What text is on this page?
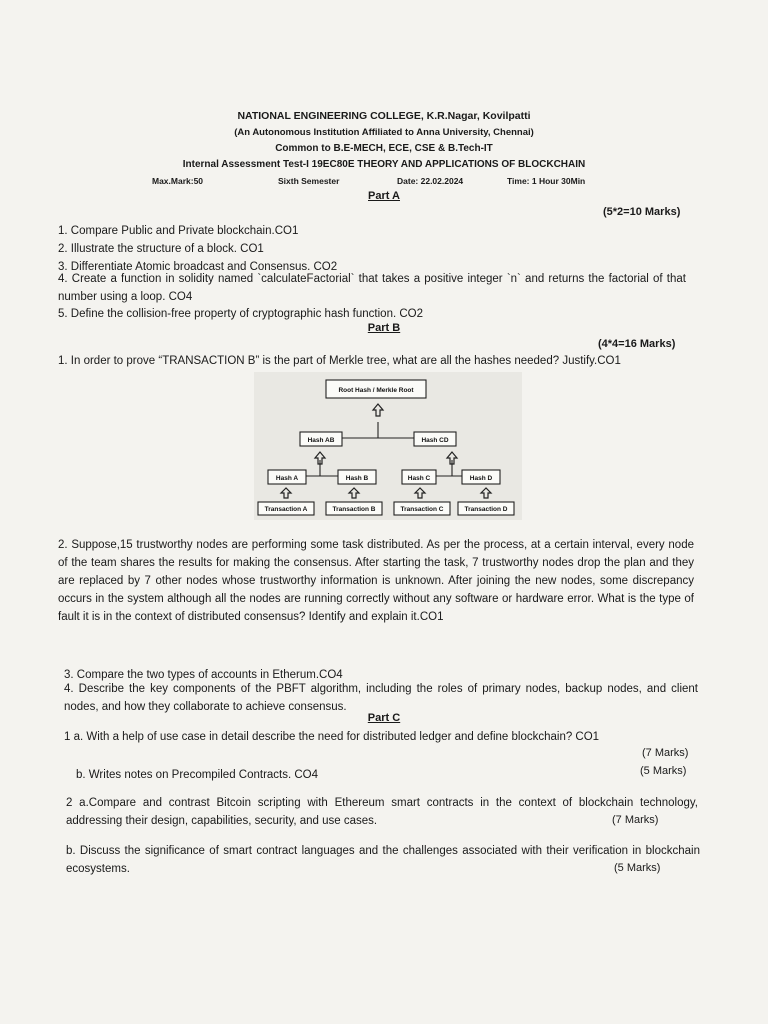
NATIONAL ENGINEERING COLLEGE, K.R.Nagar, Kovilpatti
(An Autonomous Institution Affiliated to Anna University, Chennai)
Common to B.E-MECH, ECE, CSE & B.Tech-IT
Internal Assessment Test-I 19EC80E THEORY AND APPLICATIONS OF BLOCKCHAIN
Max.Mark:50	Sixth Semester	Date: 22.02.2024	Time: 1 Hour 30Min
Part A
(5*2=10 Marks)
1. Compare Public and Private blockchain.CO1
2. Illustrate the structure of a block. CO1
3. Differentiate Atomic broadcast and Consensus. CO2
4. Create a function in solidity named `calculateFactorial` that takes a positive integer `n` and returns the factorial of that number using a loop. CO4
5. Define the collision-free property of cryptographic hash function. CO2
Part B
(4*4=16 Marks)
1. In order to prove “TRANSACTION B” is the part of Merkle tree, what are all the hashes needed? Justify.CO1
Root Hash / Merkle Root
Hash AB	Hash CD
Hash A	Hash B	Hash C	Hash D
Transaction A	Transaction B	Transaction C	Transaction D
2. Suppose,15 trustworthy nodes are performing some task distributed. As per the process, at a certain interval, every node of the team shares the results for making the consensus. After starting the task, 7 trustworthy nodes drop the plan and they are replaced by 7 other nodes whose trustworthy information is unknown. After joining the new nodes, some discrepancy occurs in the system although all the nodes are running correctly without any software or hardware error. What is the type of fault it is in the context of distributed consensus? Identify and explain it.CO1
3. Compare the two types of accounts in Etherum.CO4
4. Describe the key components of the PBFT algorithm, including the roles of primary nodes, backup nodes, and client nodes, and how they collaborate to achieve consensus.
Part C
1 a. With a help of use case in detail describe the need for distributed ledger and define blockchain? CO1
(7 Marks)
b. Writes notes on Precompiled Contracts. CO4	(5 Marks)
2 a.Compare and contrast Bitcoin scripting with Ethereum smart contracts in the context of blockchain technology, addressing their design, capabilities, security, and use cases.	(7 Marks)
b. Discuss the significance of smart contract languages and the challenges associated with their verification in blockchain ecosystems.	(5 Marks)
